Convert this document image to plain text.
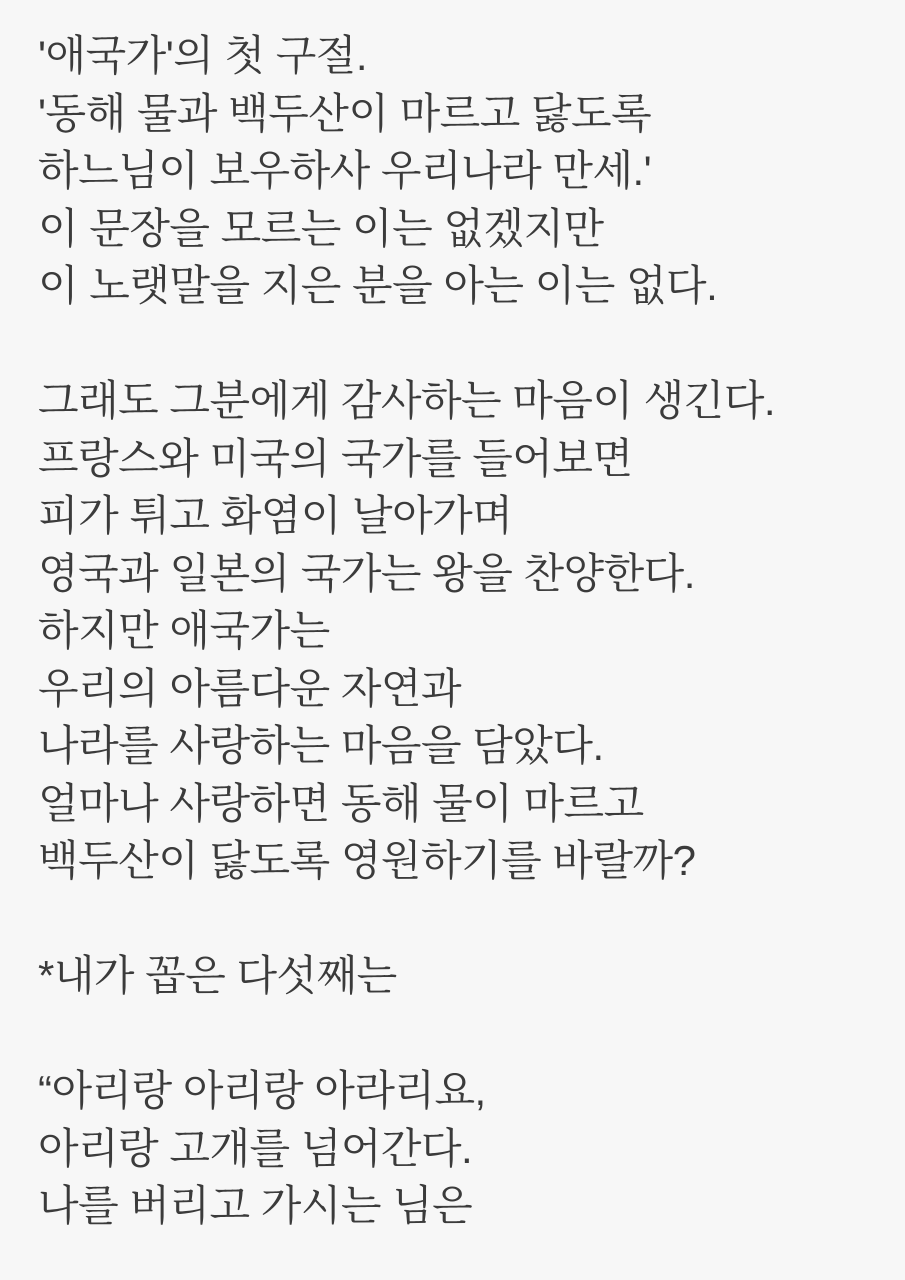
'애국가'의 첫 구절.
'동해 물과 백두산이 마르고 닳도록
하느님이 보우하사 우리나라 만세.'
이 문장을 모르는 이는 없겠지만
이 노랫말을 지은 분을 아는 이는 없다.
그래도 그분에게 감사하는 마음이 생긴다.
프랑스와 미국의 국가를 들어보면
피가 튀고 화염이 날아가며
영국과 일본의 국가는 왕을 찬양한다.
하지만 애국가는
우리의 아름다운 자연과
나라를 사랑하는 마음을 담았다.
얼마나 사랑하면 동해 물이 마르고
백두산이 닳도록 영원하기를 바랄까?
*내가 꼽은 다섯째는
“아리랑 아리랑 아라리요,
아리랑 고개를 넘어간다.
나를 버리고 가시는 님은
